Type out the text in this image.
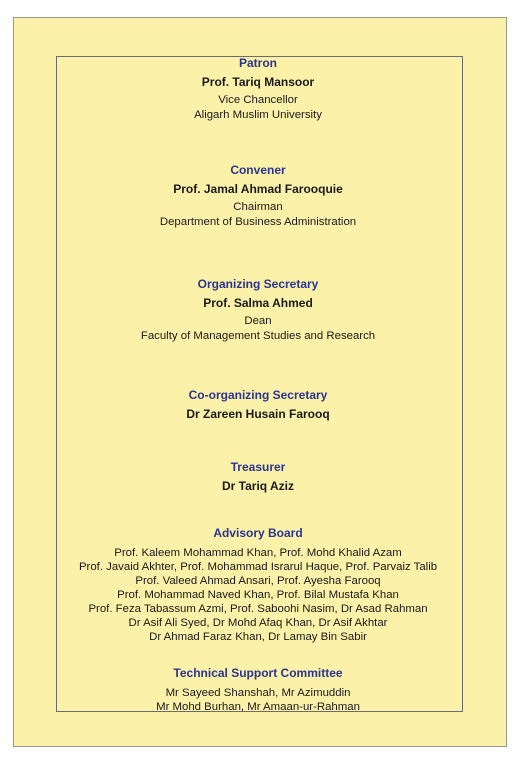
Patron
Prof. Tariq Mansoor
Vice Chancellor
Aligarh Muslim University
Convener
Prof. Jamal Ahmad Farooquie
Chairman
Department of Business Administration
Organizing Secretary
Prof. Salma Ahmed
Dean
Faculty of Management Studies and Research
Co-organizing Secretary
Dr Zareen Husain Farooq
Treasurer
Dr Tariq Aziz
Advisory Board
Prof. Kaleem Mohammad Khan, Prof. Mohd Khalid Azam
Prof. Javaid Akhter, Prof. Mohammad Israrul Haque, Prof. Parvaiz Talib
Prof. Valeed Ahmad Ansari, Prof. Ayesha Farooq
Prof. Mohammad Naved Khan, Prof. Bilal Mustafa Khan
Prof. Feza Tabassum Azmi, Prof. Saboohi Nasim, Dr Asad Rahman
Dr Asif Ali Syed, Dr Mohd Afaq Khan, Dr Asif Akhtar
Dr Ahmad Faraz Khan, Dr Lamay Bin Sabir
Technical Support Committee
Mr Sayeed Shanshah, Mr Azimuddin
Mr Mohd Burhan, Mr Amaan-ur-Rahman
